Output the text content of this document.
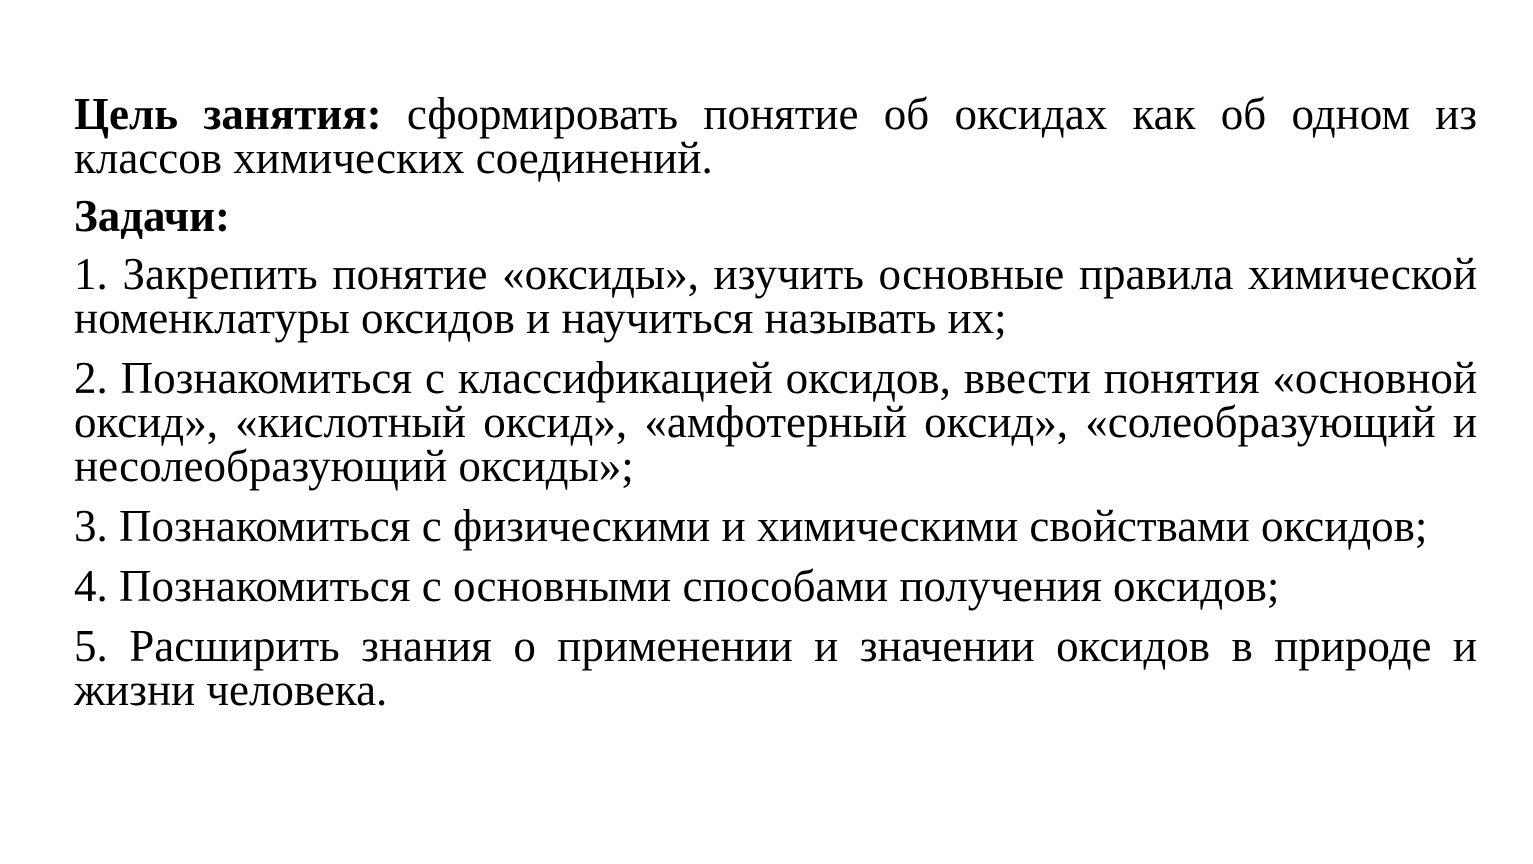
Цель занятия: сформировать понятие об оксидах как об одном из классов химических соединений.

Задачи:

1. Закрепить понятие «оксиды», изучить основные правила химической номенклатуры оксидов и научиться называть их;
2. Познакомиться с классификацией оксидов, ввести понятия «основной оксид», «кислотный оксид», «амфотерный оксид», «солеобразующий и несолеобразующий оксиды»;
3. Познакомиться с физическими и химическими свойствами оксидов;
4. Познакомиться с основными способами получения оксидов;
5. Расширить знания о применении и значении оксидов в природе и жизни человека.
